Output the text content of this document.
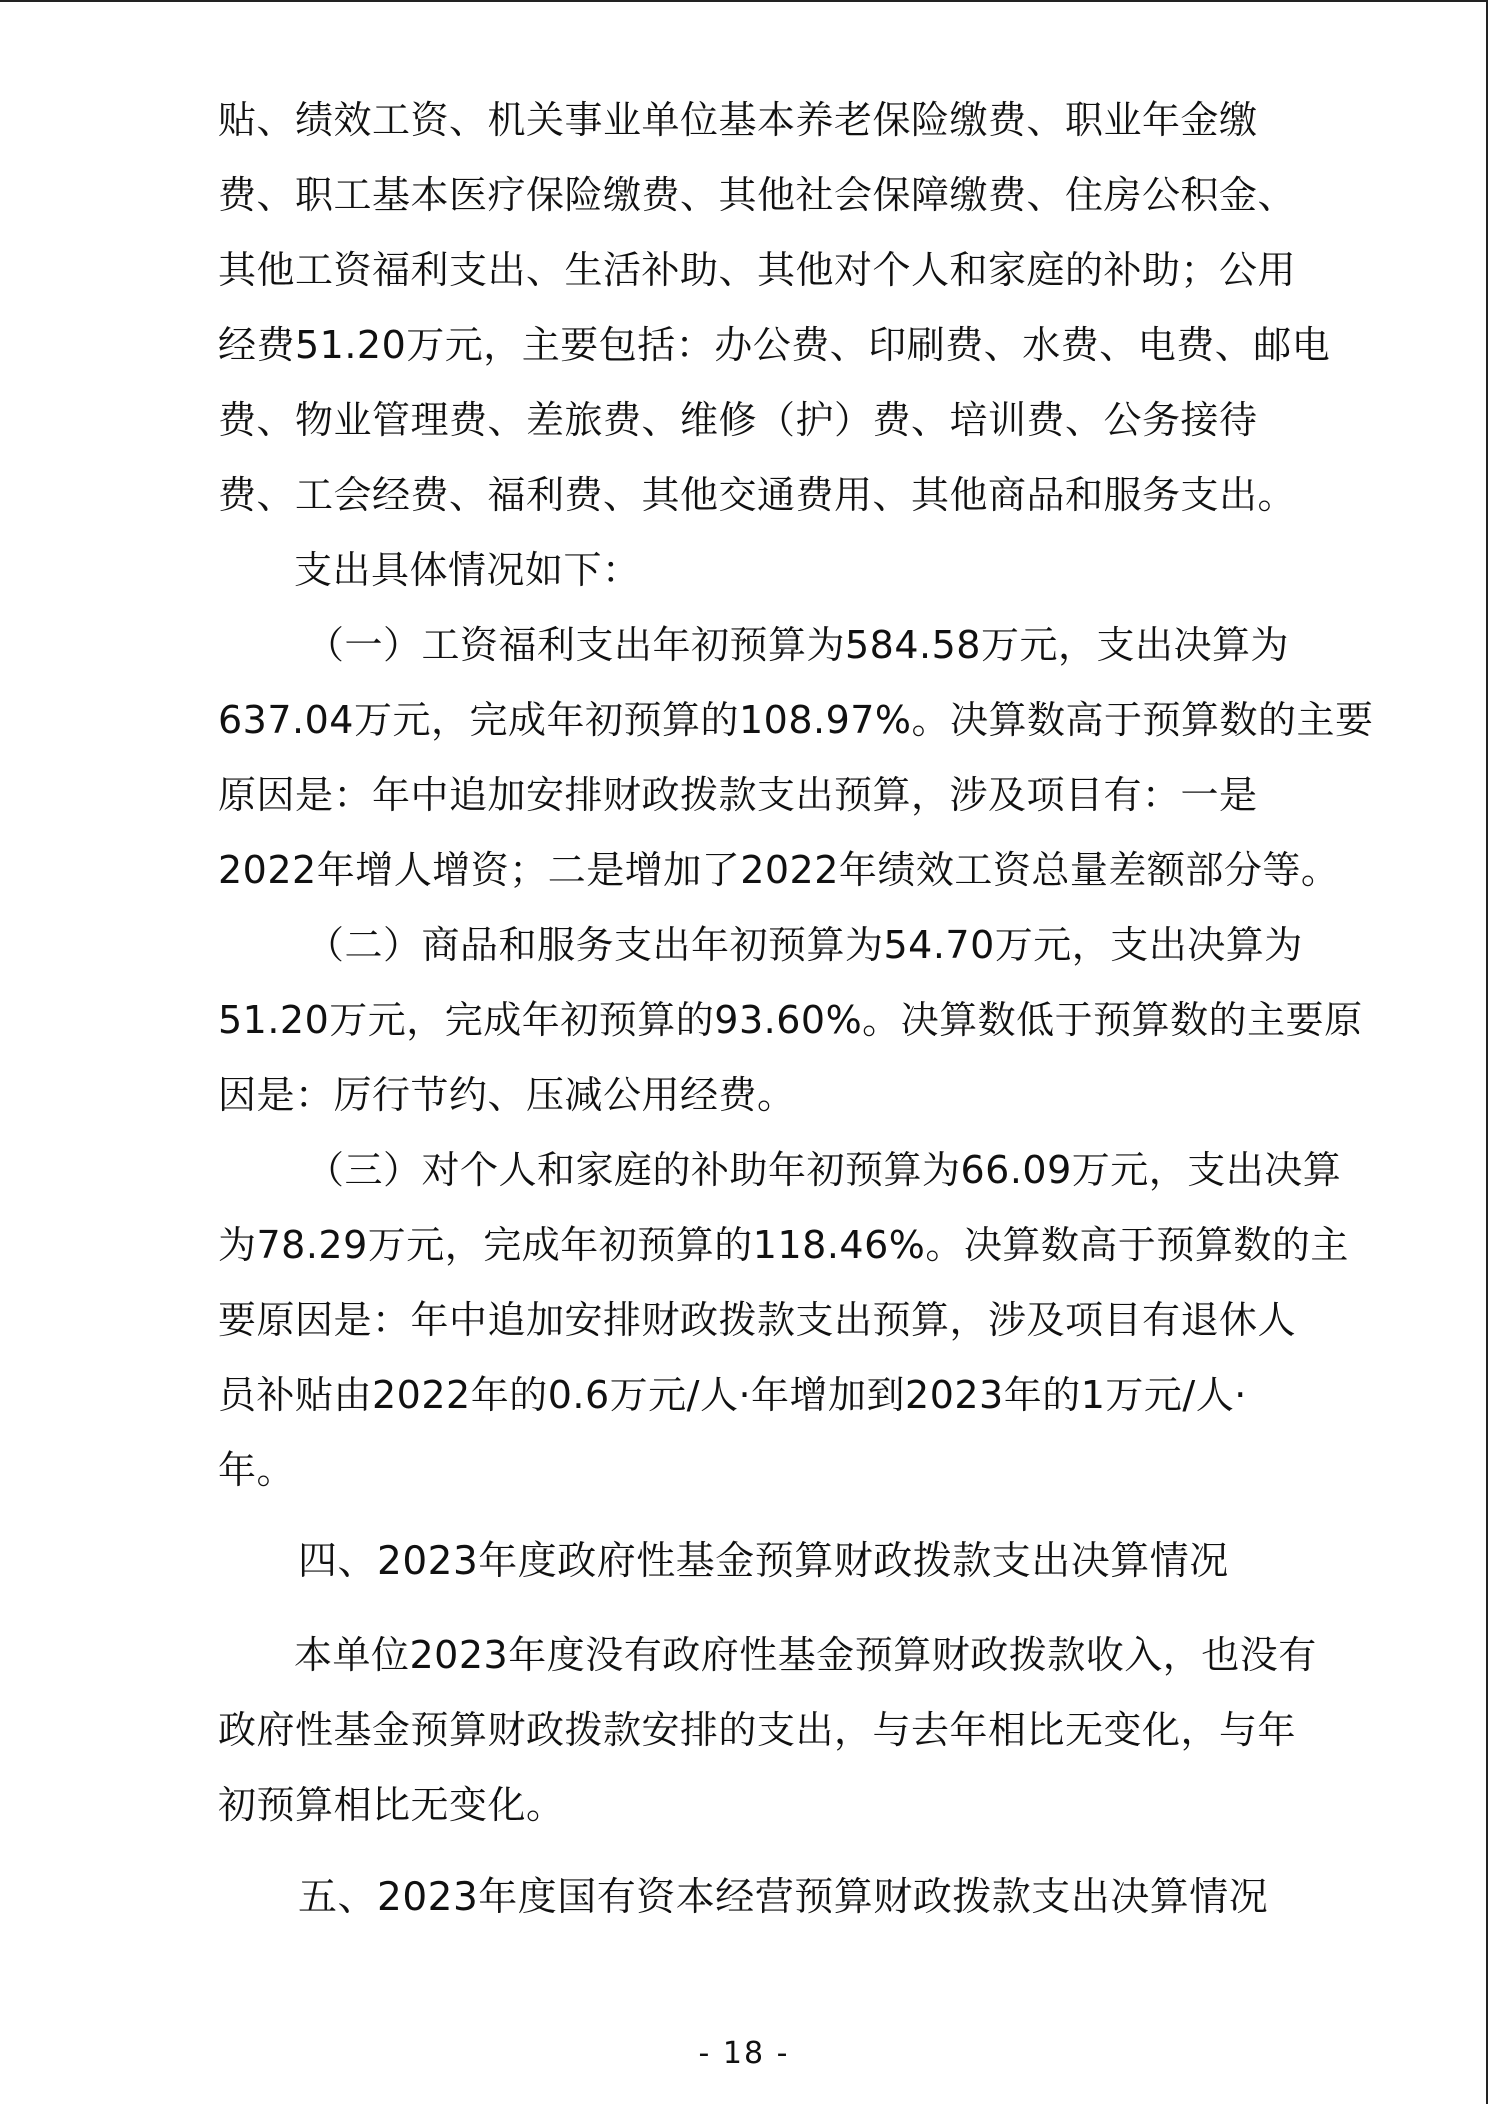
贴、绩效工资、机关事业单位基本养老保险缴费、职业年金缴
费、职工基本医疗保险缴费、其他社会保障缴费、住房公积金、
其他工资福利支出、生活补助、其他对个人和家庭的补助；公用
经费51.20万元，主要包括：办公费、印刷费、水费、电费、邮电
费、物业管理费、差旅费、维修（护）费、培训费、公务接待
费、工会经费、福利费、其他交通费用、其他商品和服务支出。
支出具体情况如下：
（一）工资福利支出年初预算为584.58万元，支出决算为
637.04万元，完成年初预算的108.97%。决算数高于预算数的主要
原因是：年中追加安排财政拨款支出预算，涉及项目有：一是
2022年增人增资；二是增加了2022年绩效工资总量差额部分等。
（二）商品和服务支出年初预算为54.70万元，支出决算为
51.20万元，完成年初预算的93.60%。决算数低于预算数的主要原
因是：厉行节约、压减公用经费。
（三）对个人和家庭的补助年初预算为66.09万元，支出决算
为78.29万元，完成年初预算的118.46%。决算数高于预算数的主
要原因是：年中追加安排财政拨款支出预算，涉及项目有退休人
员补贴由2022年的0.6万元/人·年增加到2023年的1万元/人·
年。
四、2023年度政府性基金预算财政拨款支出决算情况
本单位2023年度没有政府性基金预算财政拨款收入，也没有
政府性基金预算财政拨款安排的支出，与去年相比无变化，与年
初预算相比无变化。
五、2023年度国有资本经营预算财政拨款支出决算情况
- 18 -
